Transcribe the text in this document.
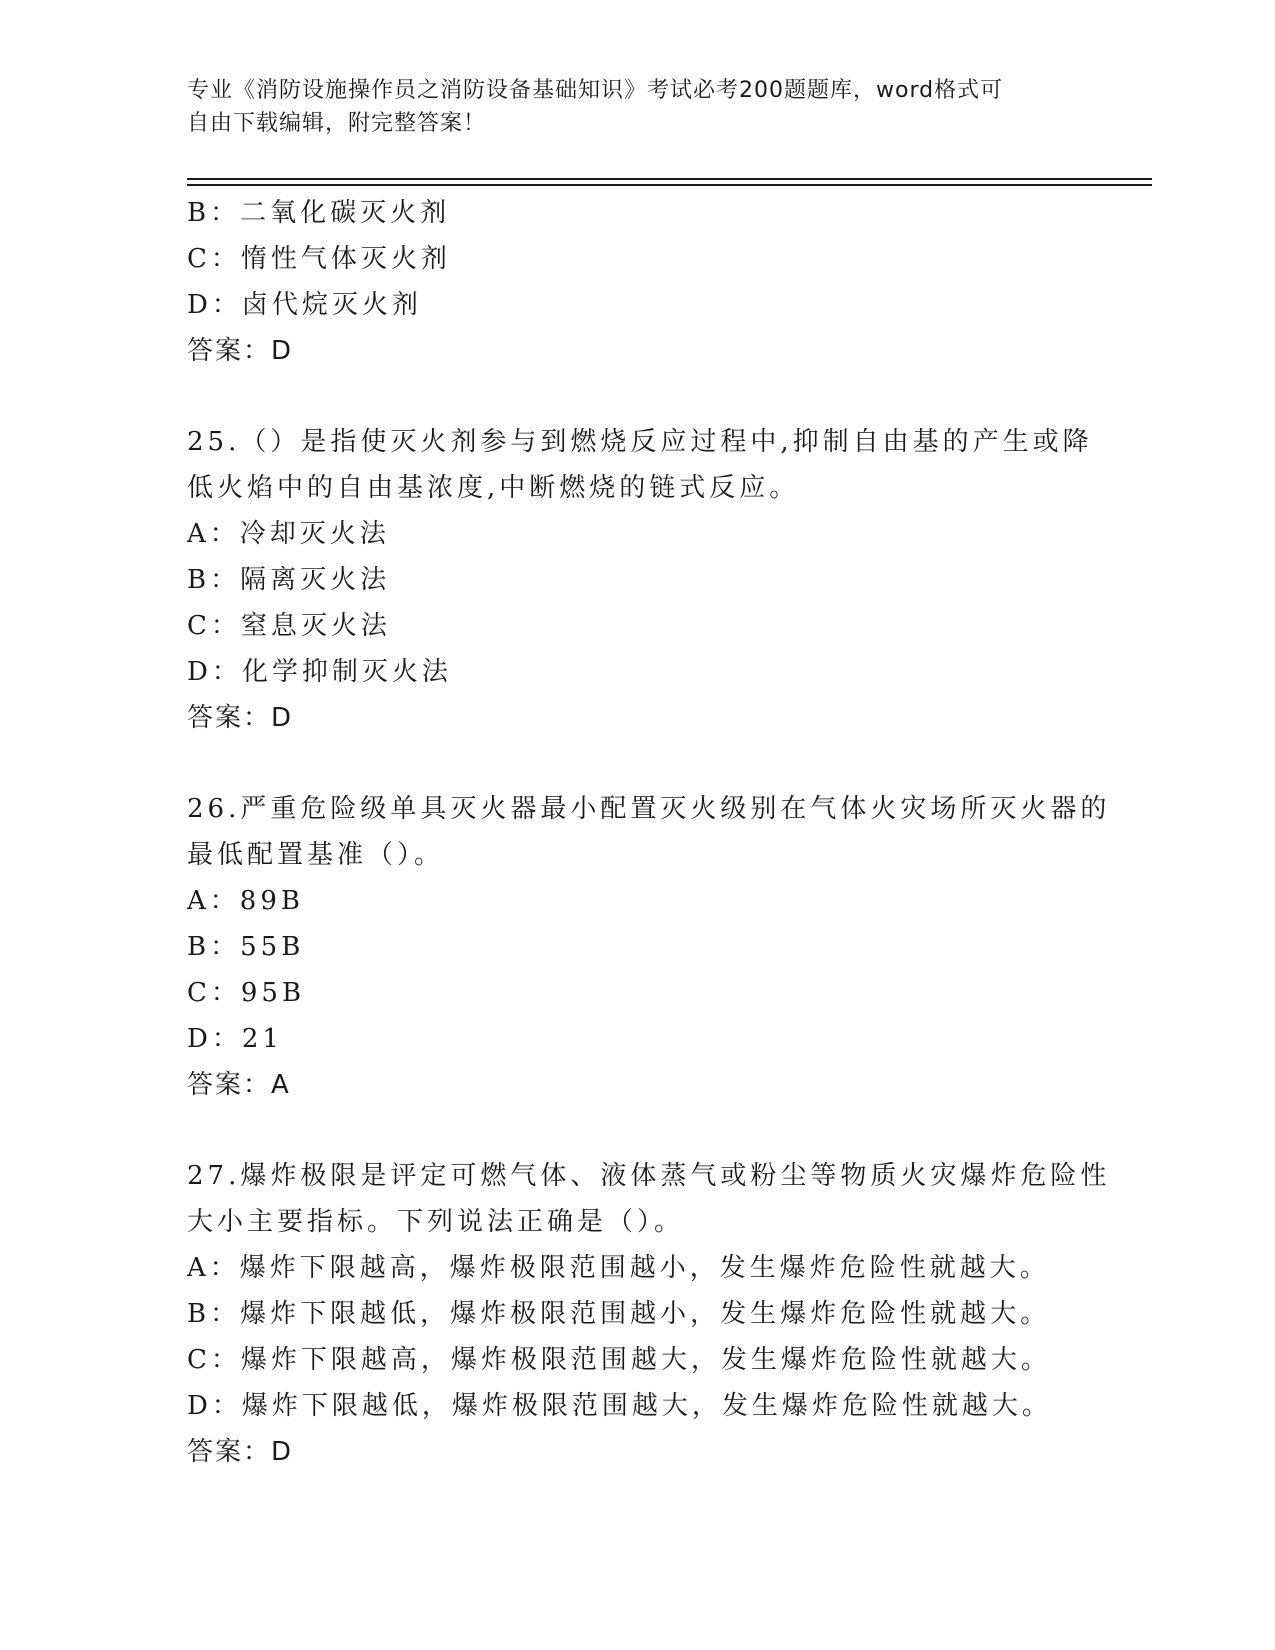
专业《消防设施操作员之消防设备基础知识》考试必考200题题库，word格式可
自由下载编辑，附完整答案！
B：二氧化碳灭火剂
C：惰性气体灭火剂
D：卤代烷灭火剂
答案：D
25.（）是指使灭火剂参与到燃烧反应过程中,抑制自由基的产生或降
低火焰中的自由基浓度,中断燃烧的链式反应。
A：冷却灭火法
B：隔离灭火法
C：窒息灭火法
D：化学抑制灭火法
答案：D
26.严重危险级单具灭火器最小配置灭火级别在气体火灾场所灭火器的
最低配置基准（）。
A：89B
B：55B
C：95B
D：21
答案：A
27.爆炸极限是评定可燃气体、液体蒸气或粉尘等物质火灾爆炸危险性
大小主要指标。下列说法正确是（）。
A：爆炸下限越高，爆炸极限范围越小，发生爆炸危险性就越大。
B：爆炸下限越低，爆炸极限范围越小，发生爆炸危险性就越大。
C：爆炸下限越高，爆炸极限范围越大，发生爆炸危险性就越大。
D：爆炸下限越低，爆炸极限范围越大，发生爆炸危险性就越大。
答案：D
